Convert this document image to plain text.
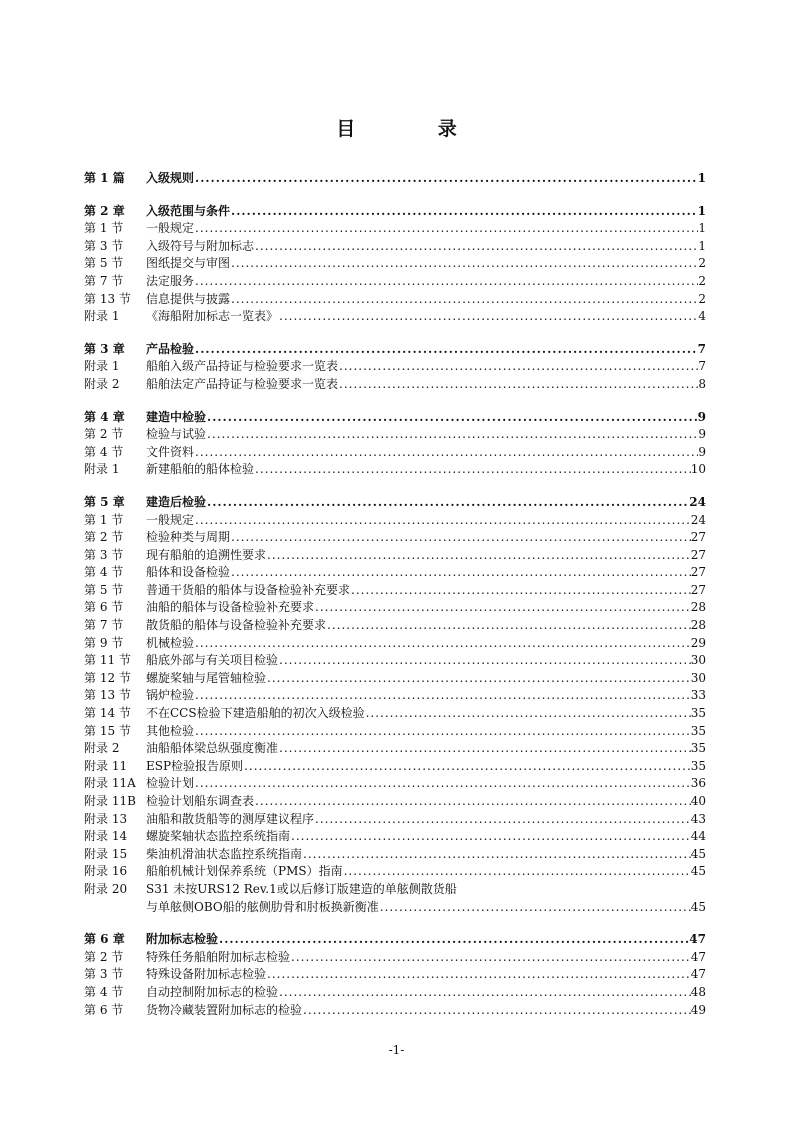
目 录
第 1 篇	入级规则 .....	1
第 2 章	入级范围与条件 .....	1
第 1 节	一般规定 .....	1
第 3 节	入级符号与附加标志 .....	1
第 5 节	图纸提交与审图 .....	2
第 7 节	法定服务 .....	2
第 13 节	信息提供与披露 .....	2
附录 1	《海船附加标志一览表》 .....	4
第 3 章	产品检验 .....	7
附录 1	船舶入级产品持证与检验要求一览表 .....	7
附录 2	船舶法定产品持证与检验要求一览表 .....	8
第 4 章	建造中检验 .....	9
第 2 节	检验与试验 .....	9
第 4 节	文件资料 .....	9
附录 1	新建船舶的船体检验 .....	10
第 5 章	建造后检验 .....	24
第 1 节	一般规定 .....	24
第 2 节	检验种类与周期 .....	27
第 3 节	现有船舶的追溯性要求 .....	27
第 4 节	船体和设备检验 .....	27
第 5 节	普通干货船的船体与设备检验补充要求 .....	27
第 6 节	油船的船体与设备检验补充要求 .....	28
第 7 节	散货船的船体与设备检验补充要求 .....	28
第 9 节	机械检验 .....	29
第 11 节	船底外部与有关项目检验 .....	30
第 12 节	螺旋桨轴与尾管轴检验 .....	30
第 13 节	锅炉检验 .....	33
第 14 节	不在CCS检验下建造船舶的初次入级检验 .....	35
第 15 节	其他检验 .....	35
附录 2	油船船体梁总纵强度衡准 .....	35
附录 11	ESP检验报告原则 .....	35
附录 11A 检验计划 .....	36
附录 11B 检验计划船东调查表 .....	40
附录 13	油船和散货船等的测厚建议程序 .....	43
附录 14	螺旋桨轴状态监控系统指南 .....	44
附录 15	柴油机滑油状态监控系统指南 .....	45
附录 16	船舶机械计划保养系统（PMS）指南 .....	45
附录 20	S31 未按URS12 Rev.1或以后修订版建造的单舷侧散货船
与单舷侧OBO船的舷侧肋骨和肘板换新衡准 .....	45
第 6 章	附加标志检验 .....	47
第 2 节	特殊任务船舶附加标志检验 .....	47
第 3 节	特殊设备附加标志检验 .....	47
第 4 节	自动控制附加标志的检验 .....	48
第 6 节	货物冷藏装置附加标志的检验 .....	49
-1-
